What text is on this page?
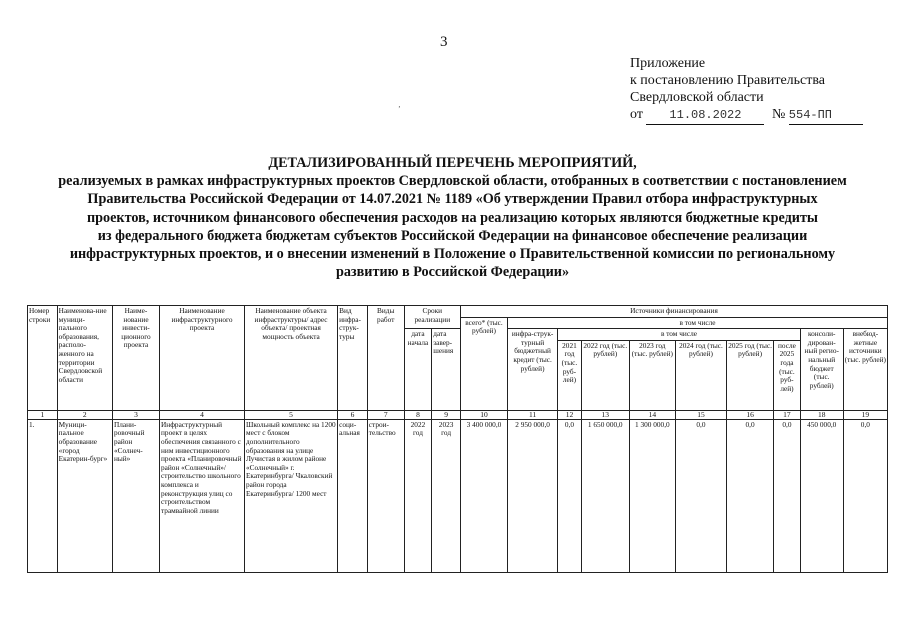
3
Приложение
к постановлению Правительства
Свердловской области
от 11.08.2022 № 554-ПП
‚
ДЕТАЛИЗИРОВАННЫЙ ПЕРЕЧЕНЬ МЕРОПРИЯТИЙ,
реализуемых в рамках инфраструктурных проектов Свердловской области, отобранных в соответствии с постановлением
Правительства Российской Федерации от 14.07.2021 № 1189 «Об утверждении Правил отбора инфраструктурных
проектов, источником финансового обеспечения расходов на реализацию которых являются бюджетные кредиты
из федерального бюджета бюджетам субъектов Российской Федерации на финансовое обеспечение реализации
инфраструктурных проектов, и о внесении изменений в Положение о Правительственной комиссии по региональному
развитию в Российской Федерации»
Номер строки	Наименова-ние муници-пального образования, располо-женного на территории Свердловской области	Наиме-нование инвести-ционного проекта	Наименование инфраструктурного проекта	Наименование объекта инфраструктуры/ адрес объекта/ проектная мощность объекта	Вид инфра-струк-туры	Виды работ	Сроки реализации		Источники финансирования									
									всего* (тыс. рублей)	в том числе								
							дата начала	дата завер-шения		инфра-струк-турный бюджетный кредит (тыс. рублей)	в том числе						консоли-дирован-ный регио-нальный бюджет (тыс. рублей)	внебюд-жетные источники (тыс. рублей)
											2021 год (тыс. руб-лей)	2022 год (тыс. рублей)	2023 год (тыс. рублей)	2024 год (тыс. рублей)	2025 год (тыс. рублей)	после 2025 года (тыс. руб-лей)		
1	2	3	4	5	6	7	8	9	10	11	12	13	14	15	16	17	18	19
1.	Муници-пальное образование «город Екатерин-бург»	Плани-ровочный район «Солнеч-ный»	Инфраструктурный проект в целях обеспечения связанного с ним инвестиционного проекта «Планировочный район «Солнечный»/ строительство школьного комплекса и реконструкция улиц со строительством трамвайной линии	Школьный комплекс на 1200 мест с блоком дополнительного образования на улице Лучистая в жилом районе «Солнечный» г. Екатеринбурга/ Чкаловский район города Екатеринбурга/ 1200 мест	соци-альная	строи-тельство	2022 год	2023 год	3 400 000,0	2 950 000,0	0,0	1 650 000,0	1 300 000,0	0,0	0,0	0,0	450 000,0	0,0
